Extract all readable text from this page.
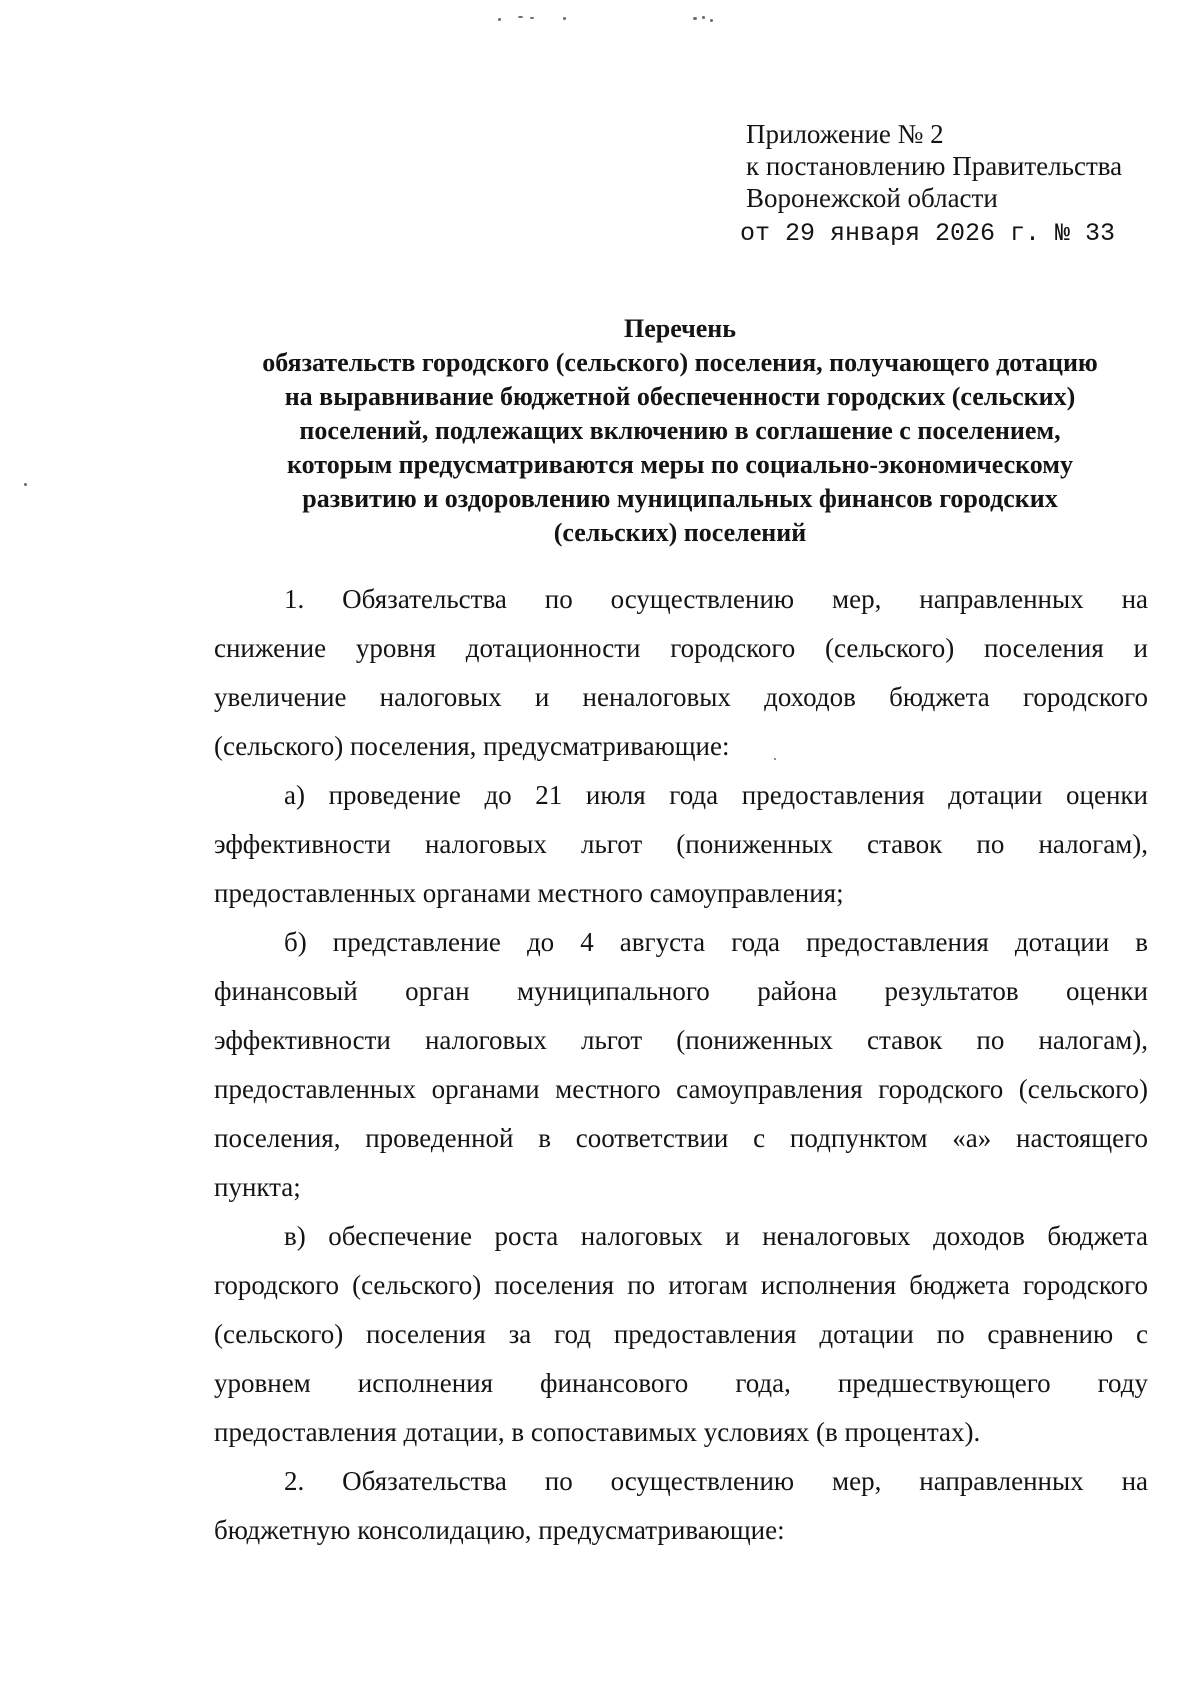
Приложение № 2
к постановлению Правительства
Воронежской области
от 29 января 2026 г. № 33
Перечень
обязательств городского (сельского) поселения, получающего дотацию
на выравнивание бюджетной обеспеченности городских (сельских)
поселений, подлежащих включению в соглашение с поселением,
которым предусматриваются меры по социально-экономическому
развитию и оздоровлению муниципальных финансов городских
(сельских) поселений
1. Обязательства по осуществлению мер, направленных на
снижение уровня дотационности городского (сельского) поселения и
увеличение налоговых и неналоговых доходов бюджета городского
(сельского) поселения, предусматривающие:
а) проведение до 21 июля года предоставления дотации оценки
эффективности налоговых льгот (пониженных ставок по налогам),
предоставленных органами местного самоуправления;
б) представление до 4 августа года предоставления дотации в
финансовый орган муниципального района результатов оценки
эффективности налоговых льгот (пониженных ставок по налогам),
предоставленных органами местного самоуправления городского (сельского)
поселения, проведенной в соответствии с подпунктом «а» настоящего
пункта;
в) обеспечение роста налоговых и неналоговых доходов бюджета
городского (сельского) поселения по итогам исполнения бюджета городского
(сельского) поселения за год предоставления дотации по сравнению с
уровнем исполнения финансового года, предшествующего году
предоставления дотации, в сопоставимых условиях (в процентах).
2. Обязательства по осуществлению мер, направленных на
бюджетную консолидацию, предусматривающие:
